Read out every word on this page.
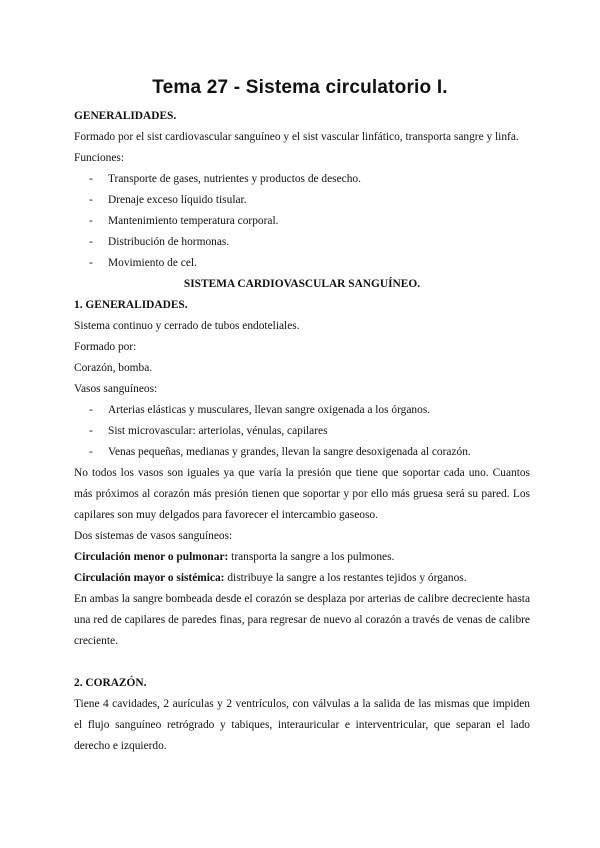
Tema 27 - Sistema circulatorio I.

GENERALIDADES.

Formado por el sist cardiovascular sanguíneo y el sist vascular linfático, transporta sangre y linfa.

Funciones:

- Transporte de gases, nutrientes y productos de desecho.
- Drenaje exceso líquido tisular.
- Mantenimiento temperatura corporal.
- Distribución de hormonas.
- Movimiento de cel.

SISTEMA CARDIOVASCULAR SANGUÍNEO.

1. GENERALIDADES.

Sistema continuo y cerrado de tubos endoteliales.

Formado por:

Corazón, bomba.

Vasos sanguíneos:

- Arterias elásticas y musculares, llevan sangre oxigenada a los órganos.
- Sist microvascular: arteriolas, vénulas, capilares
- Venas pequeñas, medianas y grandes, llevan la sangre desoxigenada al corazón.

No todos los vasos son iguales ya que varía la presión que tiene que soportar cada uno. Cuantos más próximos al corazón más presión tienen que soportar y por ello más gruesa será su pared. Los capilares son muy delgados para favorecer el intercambio gaseoso.

Dos sistemas de vasos sanguíneos:

Circulación menor o pulmonar: transporta la sangre a los pulmones.

Circulación mayor o sistémica: distribuye la sangre a los restantes tejidos y órganos.

En ambas la sangre bombeada desde el corazón se desplaza por arterias de calibre decreciente hasta una red de capilares de paredes finas, para regresar de nuevo al corazón a través de venas de calibre creciente.

2. CORAZÓN.

Tiene 4 cavidades, 2 aurículas y 2 ventrículos, con válvulas a la salida de las mismas que impiden el flujo sanguíneo retrógrado y tabiques, interauricular e interventricular, que separan el lado derecho e izquierdo.
